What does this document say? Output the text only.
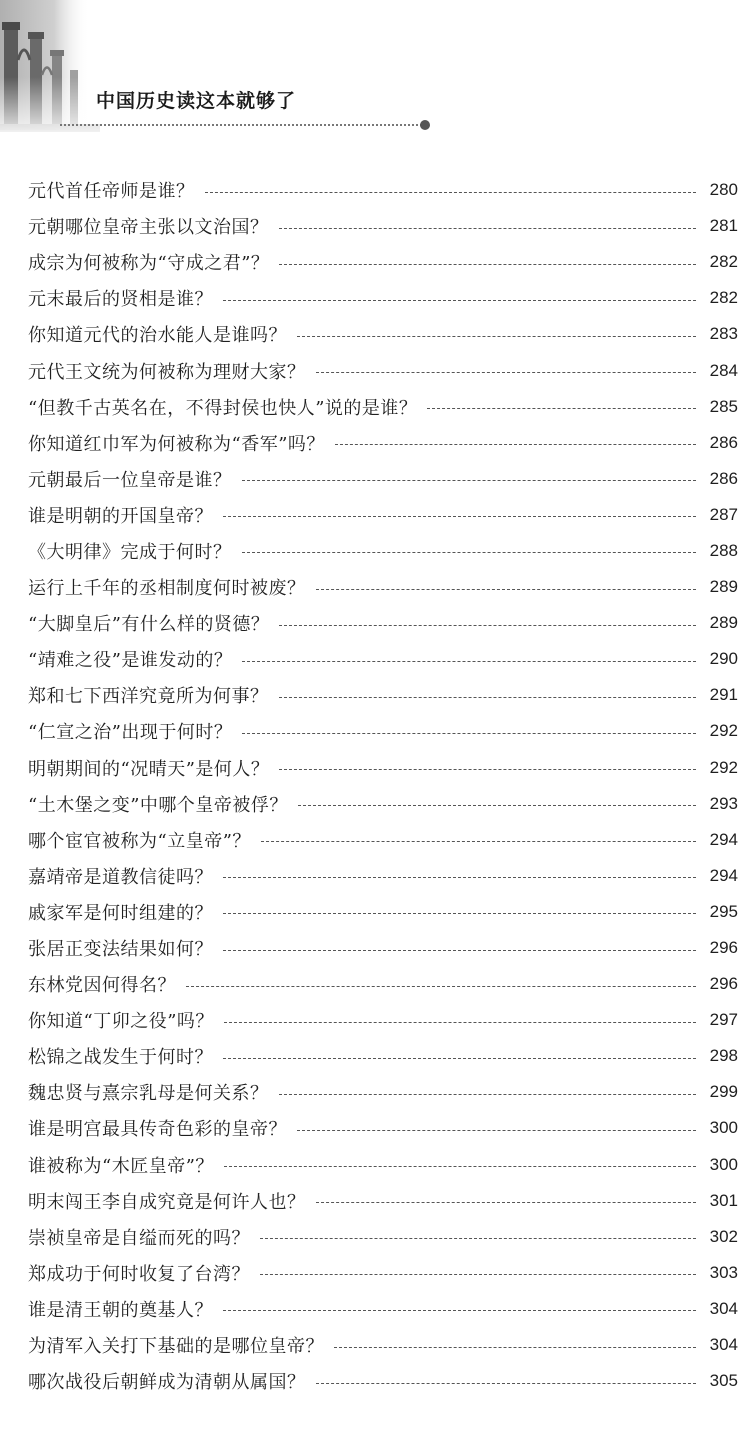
中国历史读这本就够了
元代首任帝师是谁？	280
元朝哪位皇帝主张以文治国？	281
成宗为何被称为“守成之君”？	282
元末最后的贤相是谁？	282
你知道元代的治水能人是谁吗？	283
元代王文统为何被称为理财大家？	284
“但教千古英名在，不得封侯也快人”说的是谁？	285
你知道红巾军为何被称为“香军”吗？	286
元朝最后一位皇帝是谁？	286
谁是明朝的开国皇帝？	287
《大明律》完成于何时？	288
运行上千年的丞相制度何时被废？	289
“大脚皇后”有什么样的贤德？	289
“靖难之役”是谁发动的？	290
郑和七下西洋究竟所为何事？	291
“仁宣之治”出现于何时？	292
明朝期间的“况晴天”是何人？	292
“土木堡之变”中哪个皇帝被俘？	293
哪个宦官被称为“立皇帝”？	294
嘉靖帝是道教信徒吗？	294
戚家军是何时组建的？	295
张居正变法结果如何？	296
东林党因何得名？	296
你知道“丁卯之役”吗？	297
松锦之战发生于何时？	298
魏忠贤与熹宗乳母是何关系？	299
谁是明宫最具传奇色彩的皇帝？	300
谁被称为“木匠皇帝”？	300
明末闯王李自成究竟是何许人也？	301
崇祯皇帝是自缢而死的吗？	302
郑成功于何时收复了台湾？	303
谁是清王朝的奠基人？	304
为清军入关打下基础的是哪位皇帝？	304
哪次战役后朝鲜成为清朝从属国？	305
